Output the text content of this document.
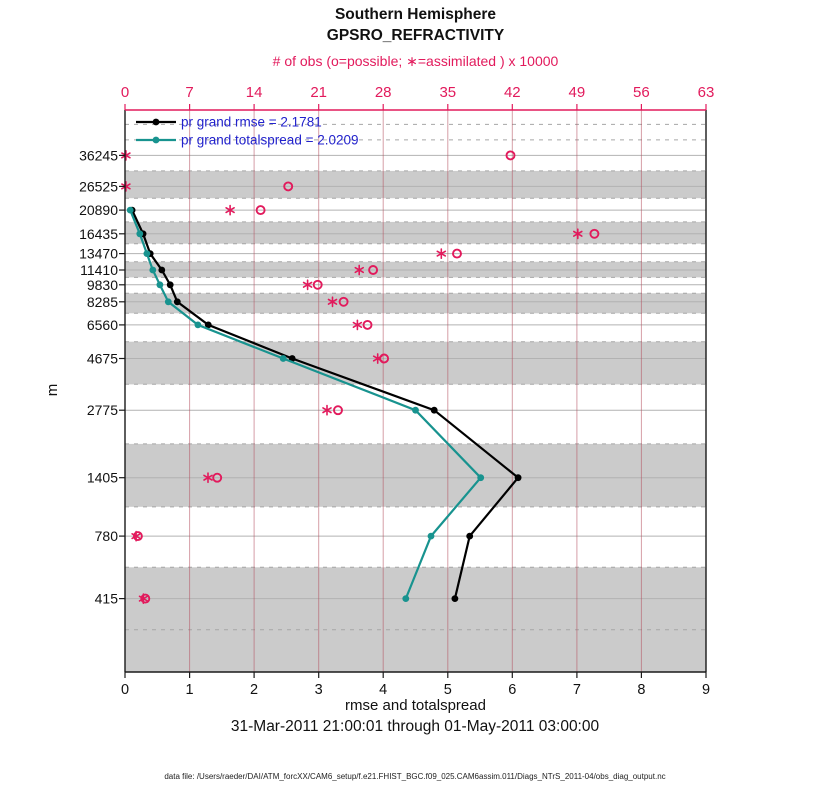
0	1	2	3	4	5	6	7	8	9
0	7	14	21	28	35	42	49	56	63
36245
26525
20890
16435
13470
11410
9830
8285
6560
4675
2775
1405
780
415
pr grand rmse = 2.1781
pr grand totalspread = 2.0209
Southern Hemisphere
GPSRO_REFRACTIVITY
# of obs (o=possible; ∗=assimilated ) x 10000
m
rmse and totalspread
31-Mar-2011 21:00:01 through 01-May-2011 03:00:00
data file: /Users/raeder/DAI/ATM_forcXX/CAM6_setup/f.e21.FHIST_BGC.f09_025.CAM6assim.011/Diags_NTrS_2011-04/obs_diag_output.nc
